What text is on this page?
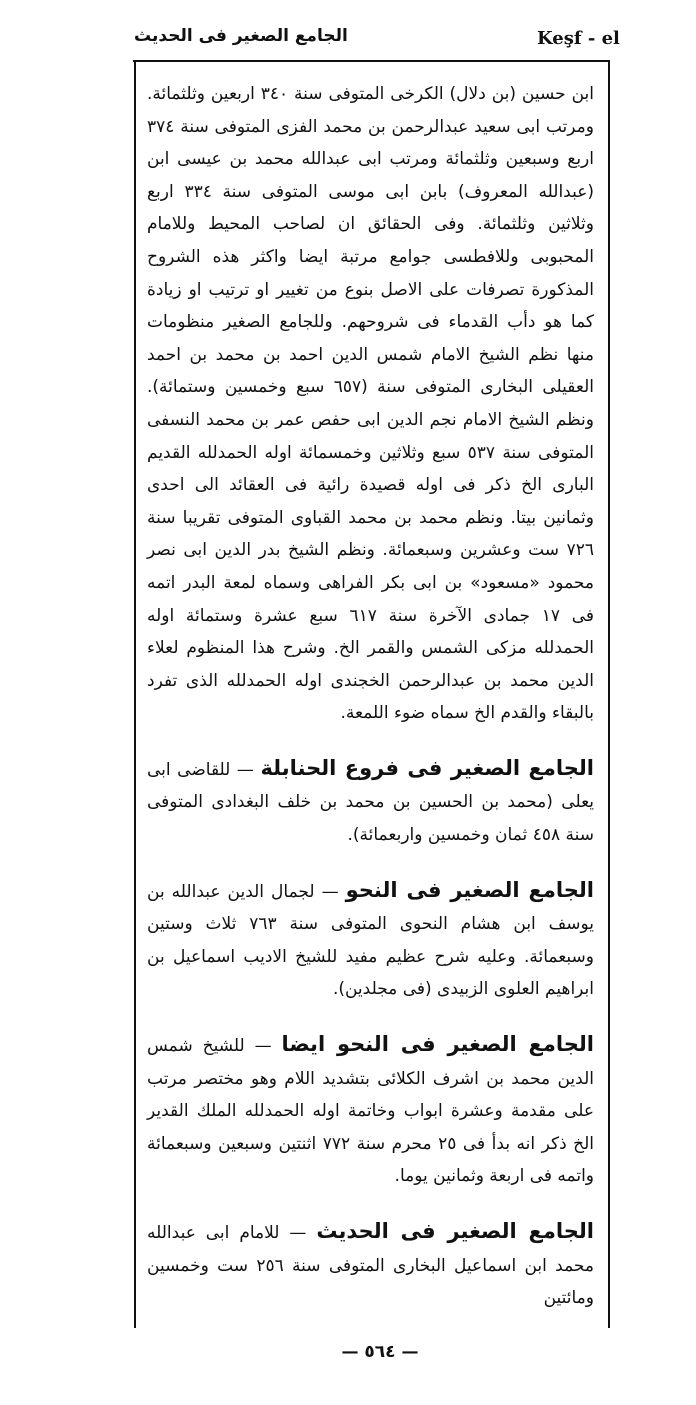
Keşf - el
الجامع الصغير فى الحديث

ابن حسين (بن دلال) الكرخى المتوفى سنة ٣٤٠ اربعين وثلثمائة. ومرتب ابى سعيد عبدالرحمن بن محمد الفزى المتوفى سنة ٣٧٤ اربع وسبعين وثلثمائة ومرتب ابى عبدالله محمد بن عيسى ابن (عبدالله المعروف) بابن ابى موسى المتوفى سنة ٣٣٤ اربع وثلاثين وثلثمائة. وفى الحقائق ان لصاحب المحيط وللامام المحبوبى وللافطسى جوامع مرتبة ايضا واكثر هذه الشروح المذكورة تصرفات على الاصل بنوع من تغيير او ترتيب او زيادة كما هو دأب القدماء فى شروحهم. وللجامع الصغير منظومات منها نظم الشيخ الامام شمس الدين احمد بن محمد بن احمد العقيلى البخارى المتوفى سنة (٦٥٧ سبع وخمسين وستمائة). ونظم الشيخ الامام نجم الدين ابى حفص عمر بن محمد النسفى المتوفى سنة ٥٣٧ سبع وثلاثين وخمسمائة اوله الحمدلله القديم البارى الخ ذكر فى اوله قصيدة رائية فى العقائد الى احدى وثمانين بيتا. ونظم محمد بن محمد القباوى المتوفى تقريبا سنة ٧٢٦ ست وعشرين وسبعمائة. ونظم الشيخ بدر الدين ابى نصر محمود «مسعود» بن ابى بكر الفراهى وسماه لمعة البدر اتمه فى ١٧ جمادى الآخرة سنة ٦١٧ سبع عشرة وستمائة اوله الحمدلله مزكى الشمس والقمر الخ. وشرح هذا المنظوم لعلاء الدين محمد بن عبدالرحمن الخجندى اوله الحمدلله الذى تفرد بالبقاء والقدم الخ سماه ضوء اللمعة.

الجامع الصغير فى فروع الحنابلة — للقاضى ابى يعلى (محمد بن الحسين بن محمد بن خلف البغدادى المتوفى سنة ٤٥٨ ثمان وخمسين واربعمائة).

الجامع الصغير فى النحو — لجمال الدين عبدالله بن يوسف ابن هشام النحوى المتوفى سنة ٧٦٣ ثلاث وستين وسبعمائة. وعليه شرح عظيم مفيد للشيخ الاديب اسماعيل بن ابراهيم العلوى الزبيدى (فى مجلدين).

الجامع الصغير فى النحو ايضا — للشيخ شمس الدين محمد بن اشرف الكلائى بتشديد اللام وهو مختصر مرتب على مقدمة وعشرة ابواب وخاتمة اوله الحمدلله الملك القدير الخ ذكر انه بدأ فى ٢٥ محرم سنة ٧٧٢ اثنتين وسبعين وسبعمائة واتمه فى اربعة وثمانين يوما.

الجامع الصغير فى الحديث — للامام ابى عبدالله محمد ابن اسماعيل البخارى المتوفى سنة ٢٥٦ ست وخمسين ومائتين

— ٥٦٤ —
